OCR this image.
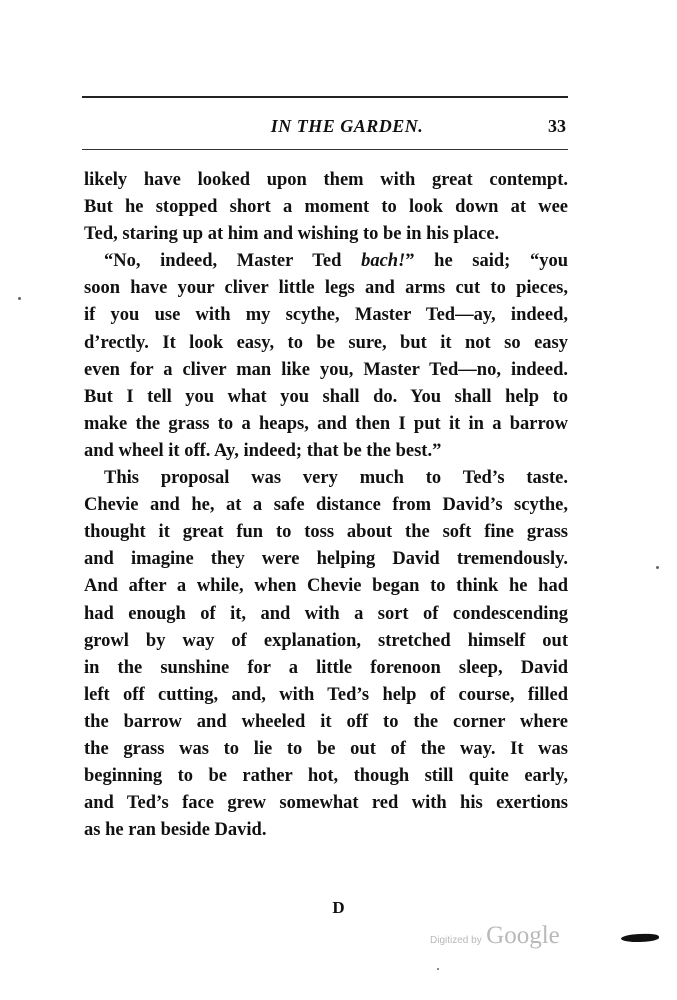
IN THE GARDEN.	33
likely have looked upon them with great contempt.
But he stopped short a moment to look down at wee
Ted, staring up at him and wishing to be in his place.
“No, indeed, Master Ted bach!” he said; “you
soon have your cliver little legs and arms cut to pieces,
if you use with my scythe, Master Ted—ay, indeed,
d’rectly. It look easy, to be sure, but it not so easy
even for a cliver man like you, Master Ted—no, indeed.
But I tell you what you shall do. You shall help to
make the grass to a heaps, and then I put it in a barrow
and wheel it off. Ay, indeed; that be the best.”
This proposal was very much to Ted’s taste.
Chevie and he, at a safe distance from David’s scythe,
thought it great fun to toss about the soft fine grass
and imagine they were helping David tremendously.
And after a while, when Chevie began to think he had
had enough of it, and with a sort of condescending
growl by way of explanation, stretched himself out
in the sunshine for a little forenoon sleep, David
left off cutting, and, with Ted’s help of course, filled
the barrow and wheeled it off to the corner where
the grass was to lie to be out of the way. It was
beginning to be rather hot, though still quite early,
and Ted’s face grew somewhat red with his exertions
as he ran beside David.
D
Digitized by Google
